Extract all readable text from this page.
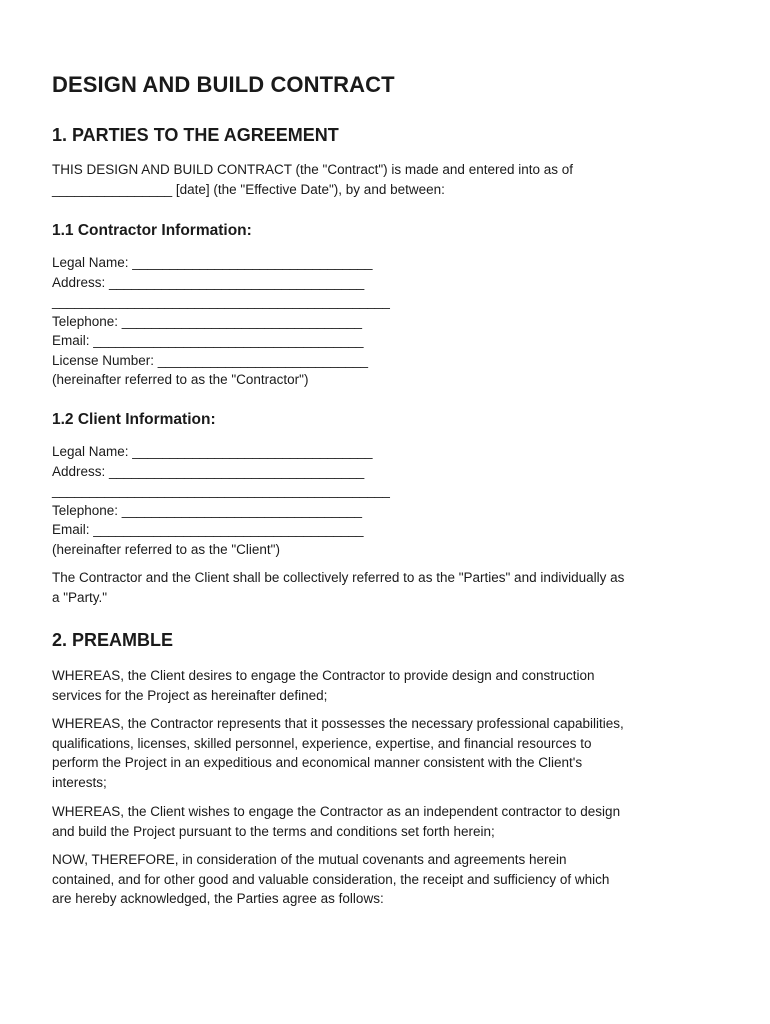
DESIGN AND BUILD CONTRACT
1. PARTIES TO THE AGREEMENT
THIS DESIGN AND BUILD CONTRACT (the "Contract") is made and entered into as of
________________ [date] (the "Effective Date"), by and between:
1.1 Contractor Information:
Legal Name: ________________________________
Address: __________________________________
_____________________________________________
Telephone: ________________________________
Email: ____________________________________
License Number: ____________________________
(hereinafter referred to as the "Contractor")
1.2 Client Information:
Legal Name: ________________________________
Address: __________________________________
_____________________________________________
Telephone: ________________________________
Email: ____________________________________
(hereinafter referred to as the "Client")
The Contractor and the Client shall be collectively referred to as the "Parties" and individually as
a "Party."
2. PREAMBLE
WHEREAS, the Client desires to engage the Contractor to provide design and construction
services for the Project as hereinafter defined;
WHEREAS, the Contractor represents that it possesses the necessary professional capabilities,
qualifications, licenses, skilled personnel, experience, expertise, and financial resources to
perform the Project in an expeditious and economical manner consistent with the Client's
interests;
WHEREAS, the Client wishes to engage the Contractor as an independent contractor to design
and build the Project pursuant to the terms and conditions set forth herein;
NOW, THEREFORE, in consideration of the mutual covenants and agreements herein
contained, and for other good and valuable consideration, the receipt and sufficiency of which
are hereby acknowledged, the Parties agree as follows:
